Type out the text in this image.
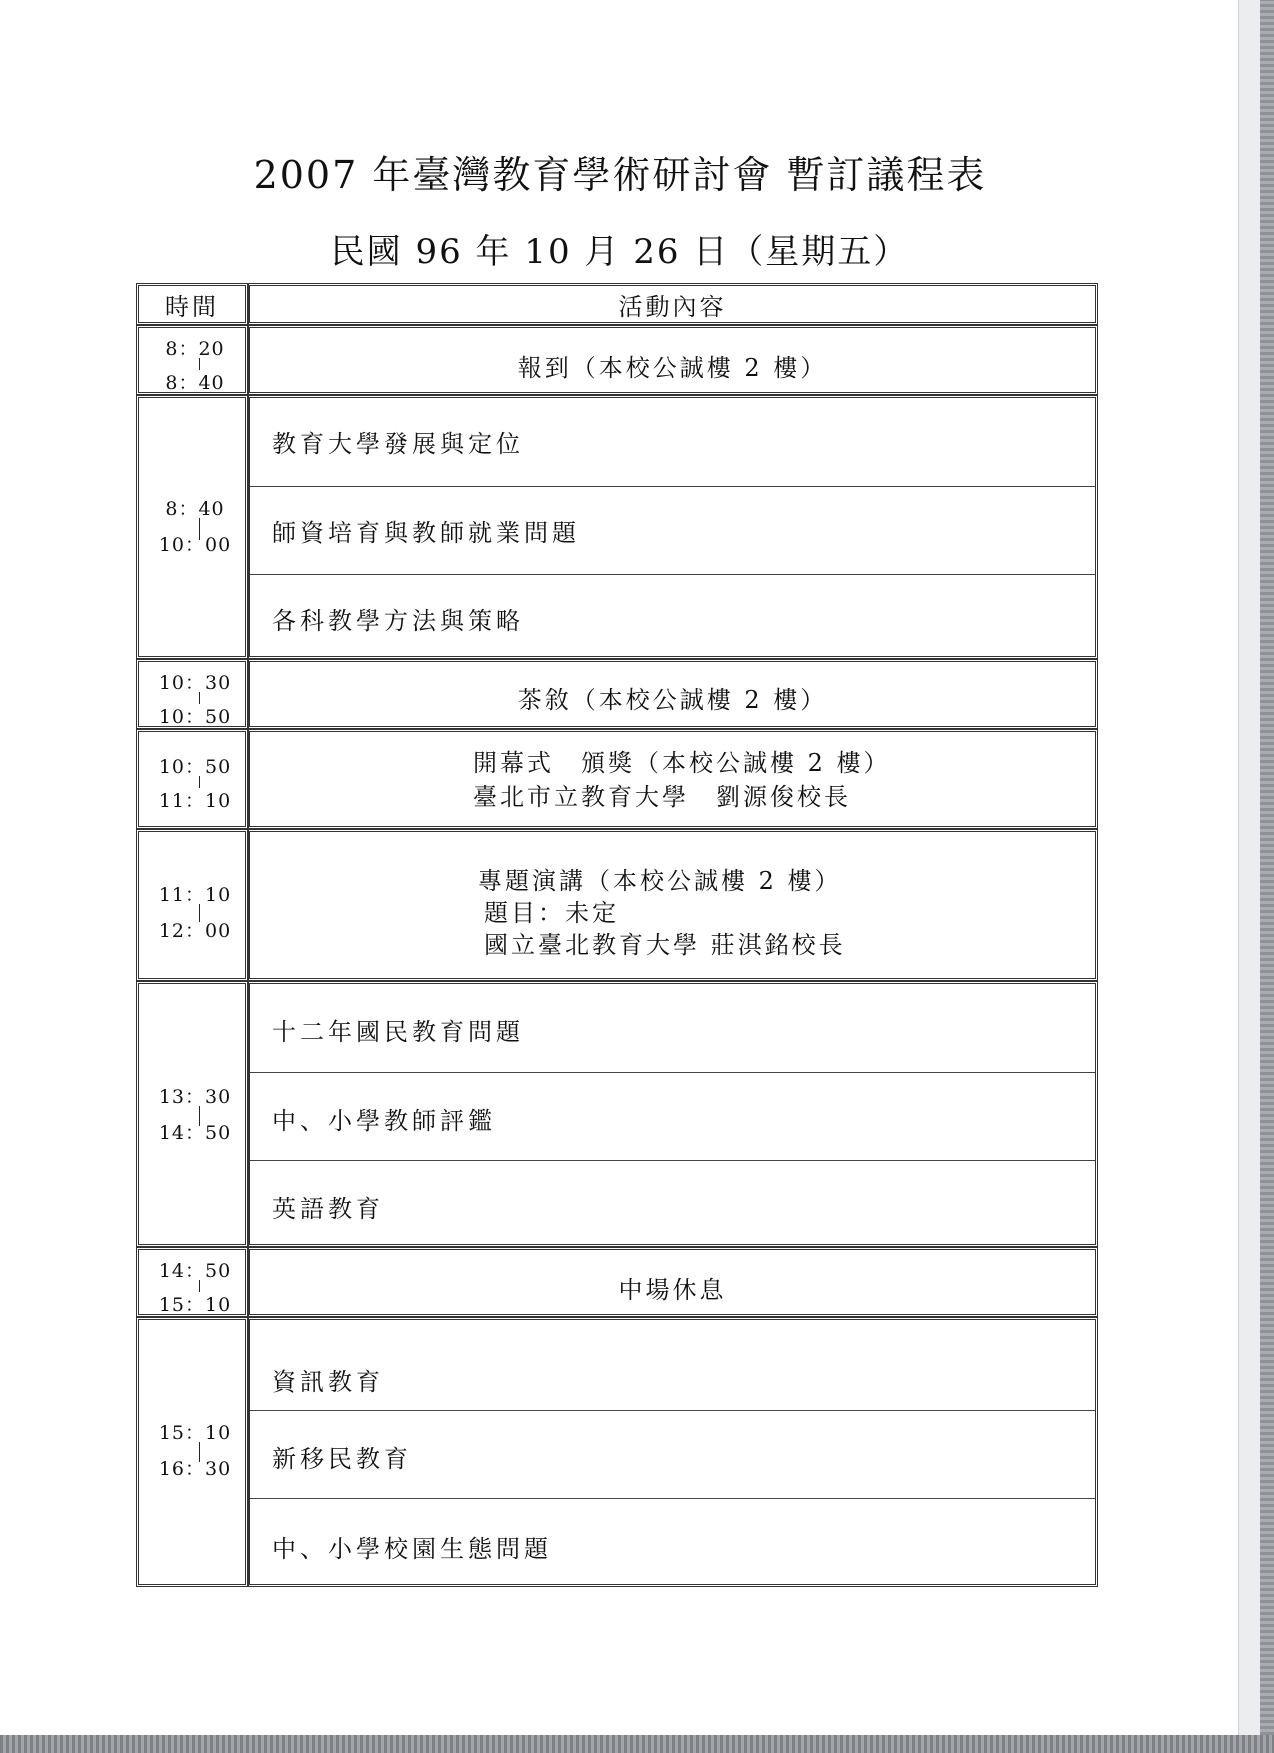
2007 年臺灣教育學術研討會 暫訂議程表
民國 96 年 10 月 26 日（星期五）
時間	活動內容
8：20
8：40
報到（本校公誠樓 2 樓）
8：40
10：00
教育大學發展與定位
師資培育與教師就業問題
各科教學方法與策略
10：30
10：50
茶敘（本校公誠樓 2 樓）
10：50
11：10
開幕式　頒獎（本校公誠樓 2 樓）
臺北市立教育大學　劉源俊校長
11：10
12：00
專題演講（本校公誠樓 2 樓）
題目：未定
國立臺北教育大學 莊淇銘校長
13：30
14：50
十二年國民教育問題
中、小學教師評鑑
英語教育
14：50
15：10
中場休息
15：10
16：30
資訊教育
新移民教育
中、小學校園生態問題
